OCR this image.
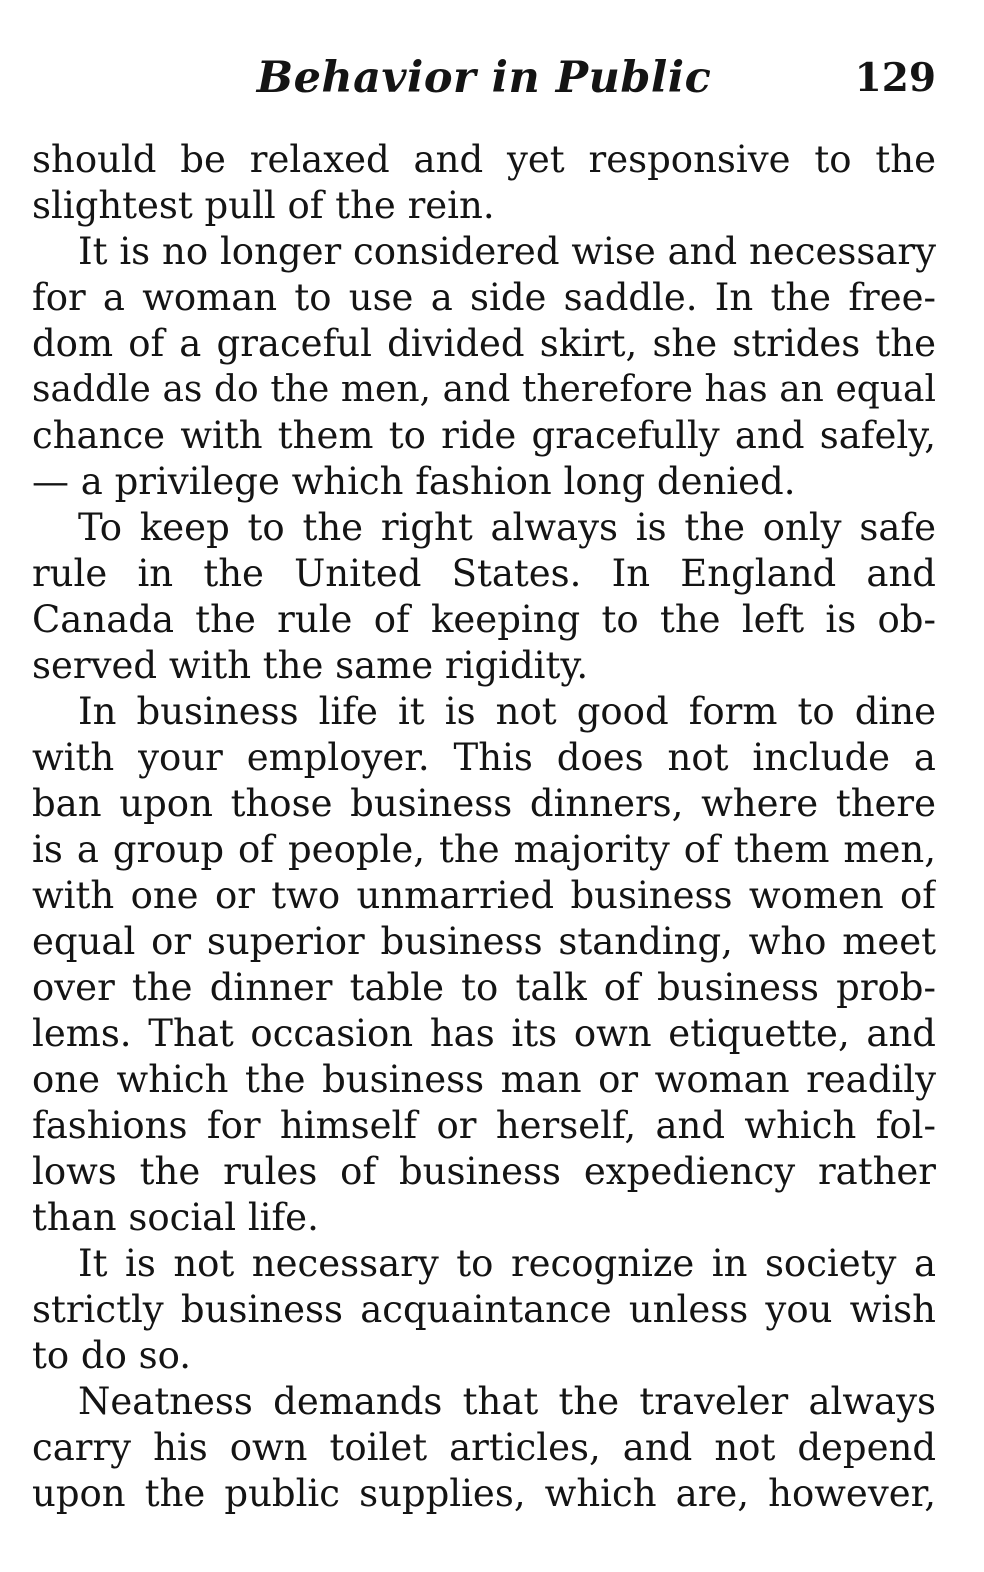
Behavior in Public	129
should be relaxed and yet responsive to the
slightest pull of the rein.
It is no longer considered wise and necessary
for a woman to use a side saddle. In the free-
dom of a graceful divided skirt, she strides the
saddle as do the men, and therefore has an equal
chance with them to ride gracefully and safely,
— a privilege which fashion long denied.
To keep to the right always is the only safe
rule in the United States. In England and
Canada the rule of keeping to the left is ob-
served with the same rigidity.
In business life it is not good form to dine
with your employer. This does not include a
ban upon those business dinners, where there
is a group of people, the majority of them men,
with one or two unmarried business women of
equal or superior business standing, who meet
over the dinner table to talk of business prob-
lems. That occasion has its own etiquette, and
one which the business man or woman readily
fashions for himself or herself, and which fol-
lows the rules of business expediency rather
than social life.
It is not necessary to recognize in society a
strictly business acquaintance unless you wish
to do so.
Neatness demands that the traveler always
carry his own toilet articles, and not depend
upon the public supplies, which are, however,
